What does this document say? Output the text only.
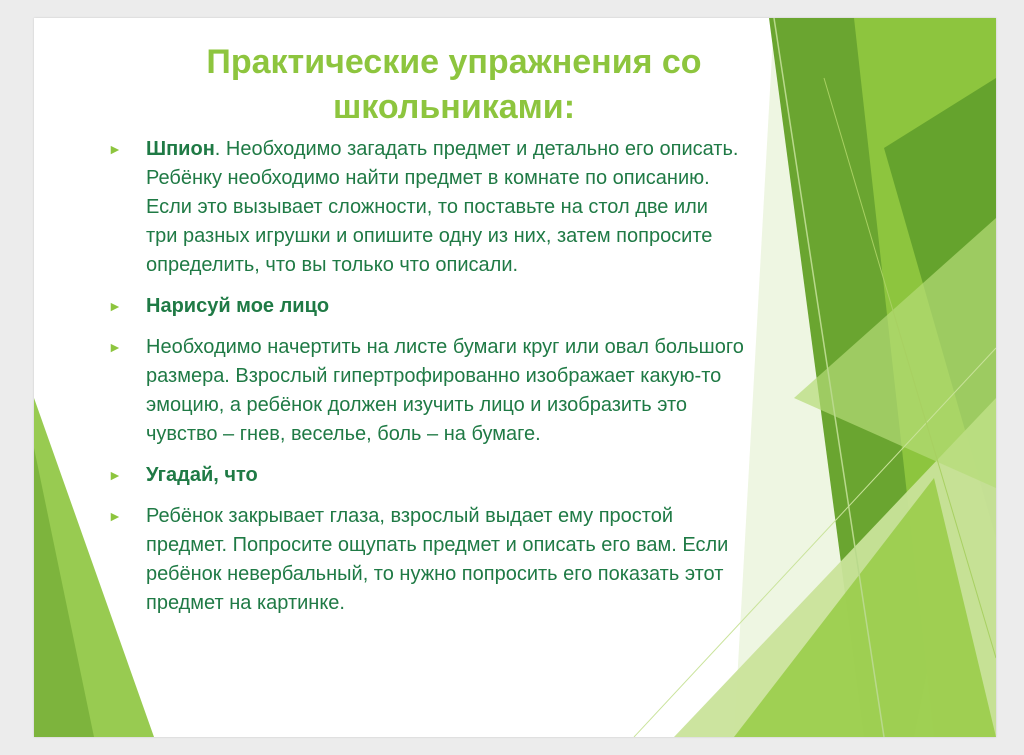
Практические упражнения со
школьниками:
► Шпион. Необходимо загадать предмет и детально его описать. Ребёнку необходимо найти предмет в комнате по описанию. Если это вызывает сложности, то поставьте на стол две или три разных игрушки и опишите одну из них, затем попросите определить, что вы только что описали.
► Нарисуй мое лицо
► Необходимо начертить на листе бумаги круг или овал большого размера. Взрослый гипертрофированно изображает какую-то эмоцию, а ребёнок должен изучить лицо и изобразить это чувство – гнев, веселье, боль – на бумаге.
► Угадай, что
► Ребёнок закрывает глаза, взрослый выдает ему простой предмет. Попросите ощупать предмет и описать его вам. Если ребёнок невербальный, то нужно попросить его показать этот предмет на картинке.
